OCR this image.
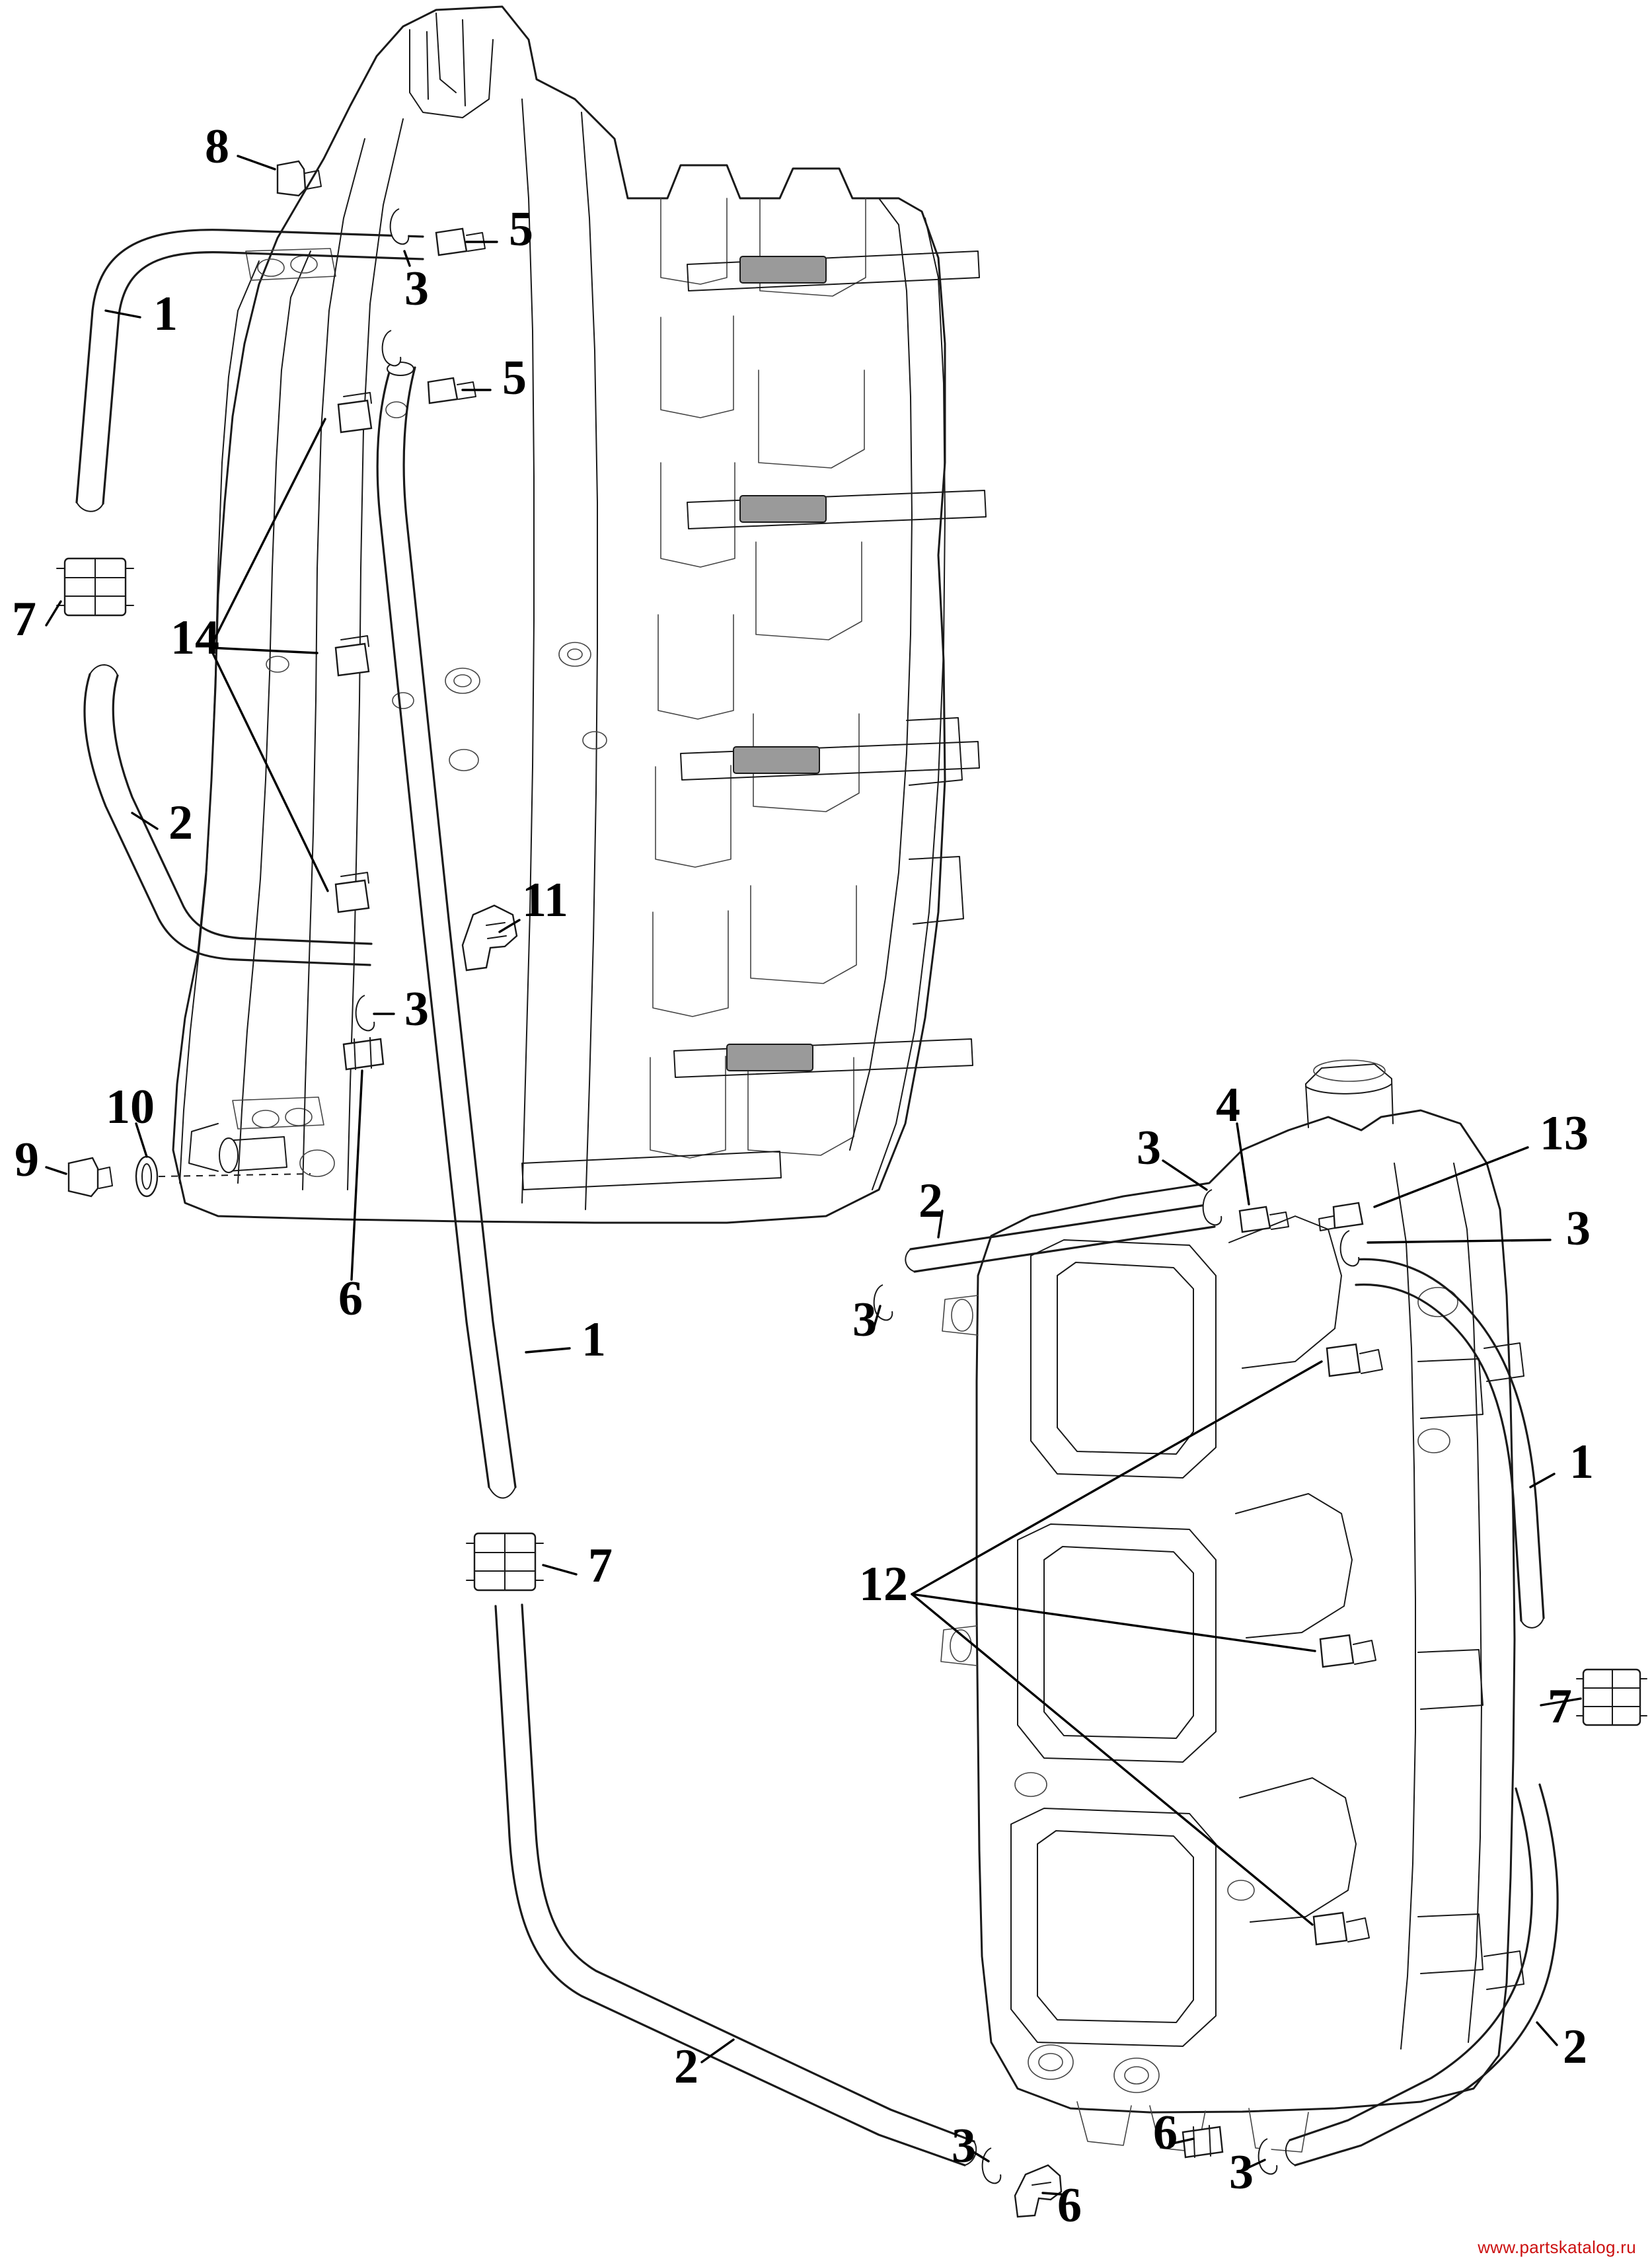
8
5
3
1
5
7	14
2
11
3
10
9
6
1
2
3
4
13
3
3
1
12
7
7
2
3
6
6
3
2
www.partskatalog.ru
